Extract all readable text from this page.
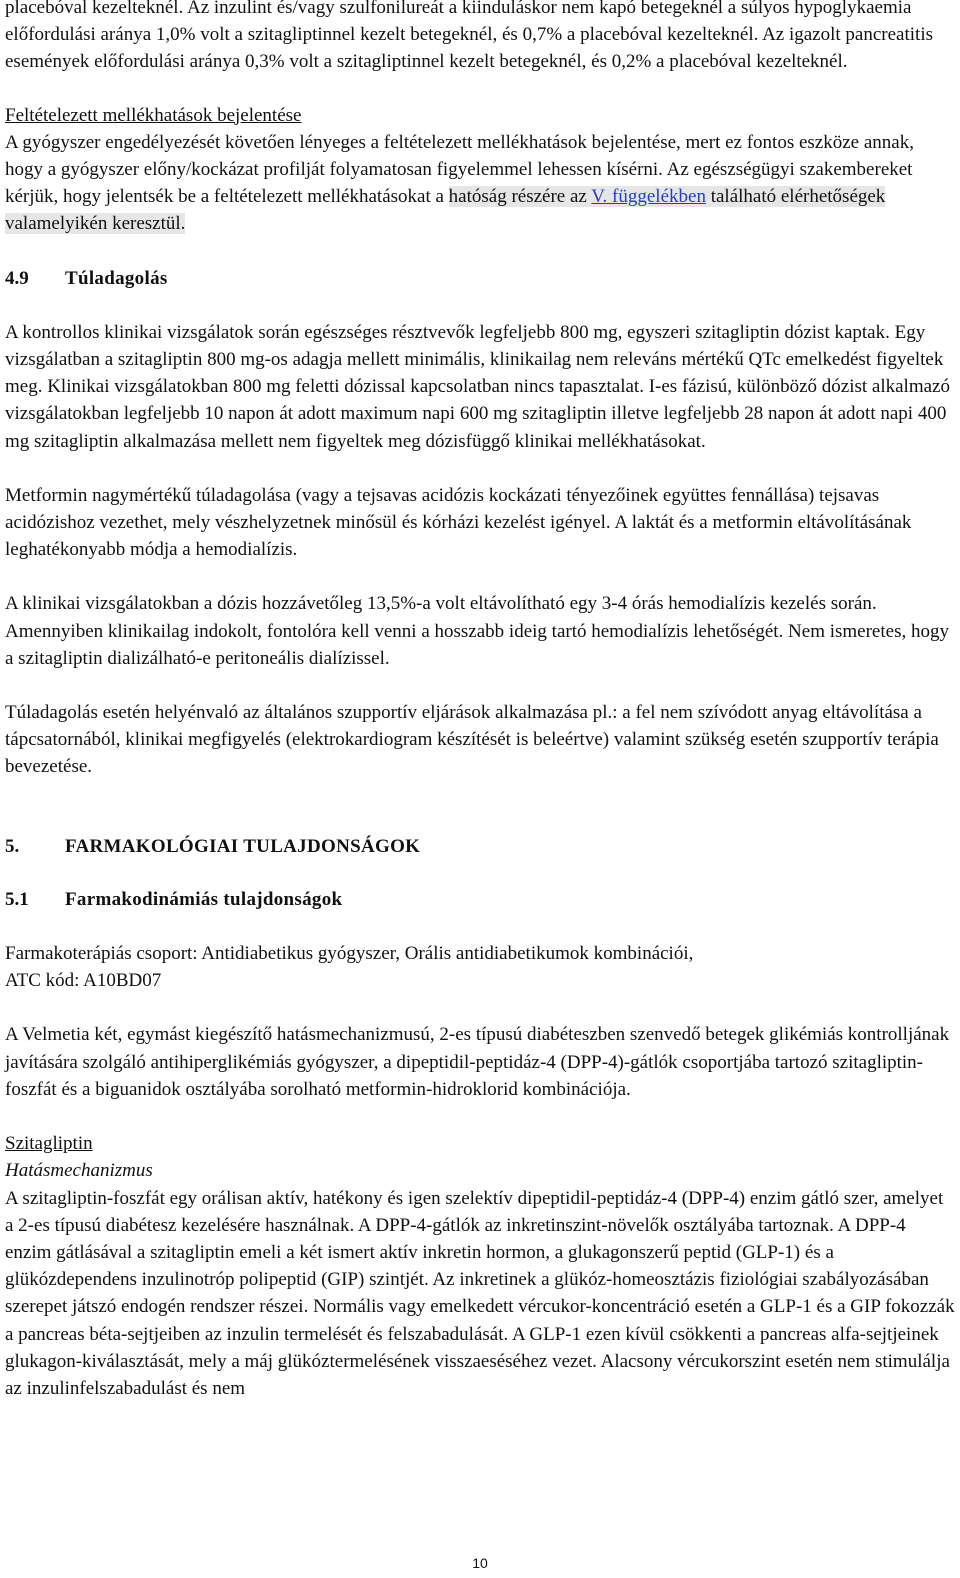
placebóval kezelteknél. Az inzulint és/vagy szulfonilureát a kiinduláskor nem kapó betegeknél a súlyos hypoglykaemia előfordulási aránya 1,0% volt a szitagliptinnel kezelt betegeknél, és 0,7% a placebóval kezelteknél. Az igazolt pancreatitis események előfordulási aránya 0,3% volt a szitagliptinnel kezelt betegeknél, és 0,2% a placebóval kezelteknél.

Feltételezett mellékhatások bejelentése

A gyógyszer engedélyezését követően lényeges a feltételezett mellékhatások bejelentése, mert ez fontos eszköze annak, hogy a gyógyszer előny/kockázat profilját folyamatosan figyelemmel lehessen kísérni. Az egészségügyi szakembereket kérjük, hogy jelentsék be a feltételezett mellékhatásokat a hatóság részére az V. függelékben található elérhetőségek valamelyikén keresztül.

4.9	Túladagolás

A kontrollos klinikai vizsgálatok során egészséges résztvevők legfeljebb 800 mg, egyszeri szitagliptin dózist kaptak. Egy vizsgálatban a szitagliptin 800 mg-os adagja mellett minimális, klinikailag nem releváns mértékű QTc emelkedést figyeltek meg. Klinikai vizsgálatokban 800 mg feletti dózissal kapcsolatban nincs tapasztalat. I-es fázisú, különböző dózist alkalmazó vizsgálatokban legfeljebb 10 napon át adott maximum napi 600 mg szitagliptin illetve legfeljebb 28 napon át adott napi 400 mg szitagliptin alkalmazása mellett nem figyeltek meg dózisfüggő klinikai mellékhatásokat.

Metformin nagymértékű túladagolása (vagy a tejsavas acidózis kockázati tényezőinek együttes fennállása) tejsavas acidózishoz vezethet, mely vészhelyzetnek minősül és kórházi kezelést igényel. A laktát és a metformin eltávolításának leghatékonyabb módja a hemodialízis.

A klinikai vizsgálatokban a dózis hozzávetőleg 13,5%-a volt eltávolítható egy 3-4 órás hemodialízis kezelés során. Amennyiben klinikailag indokolt, fontolóra kell venni a hosszabb ideig tartó hemodialízis lehetőségét. Nem ismeretes, hogy a szitagliptin dializálható-e peritoneális dialízissel.

Túladagolás esetén helyénvaló az általános szupportív eljárások alkalmazása pl.: a fel nem szívódott anyag eltávolítása a tápcsatornából, klinikai megfigyelés (elektrokardiogram készítését is beleértve) valamint szükség esetén szupportív terápia bevezetése.

5.	FARMAKOLÓGIAI TULAJDONSÁGOK

5.1	Farmakodinámiás tulajdonságok

Farmakoterápiás csoport: Antidiabetikus gyógyszer, Orális antidiabetikumok kombinációi,

ATC kód: A10BD07

A Velmetia két, egymást kiegészítő hatásmechanizmusú, 2-es típusú diabéteszben szenvedő betegek glikémiás kontrolljának javítására szolgáló antihiperglikémiás gyógyszer, a dipeptidil-peptidáz-4 (DPP-4)-gátlók csoportjába tartozó szitagliptin-foszfát és a biguanidok osztályába sorolható metformin-hidroklorid kombinációja.

Szitagliptin

Hatásmechanizmus

A szitagliptin-foszfát egy orálisan aktív, hatékony és igen szelektív dipeptidil-peptidáz-4 (DPP-4) enzim gátló szer, amelyet a 2-es típusú diabétesz kezelésére használnak. A DPP-4-gátlók az inkretinszint-növelők osztályába tartoznak. A DPP-4 enzim gátlásával a szitagliptin emeli a két ismert aktív inkretin hormon, a glukagonszerű peptid (GLP-1) és a glükózdependens inzulinotróp polipeptid (GIP) szintjét. Az inkretinek a glükóz-homeosztázis fiziológiai szabályozásában szerepet játszó endogén rendszer részei. Normális vagy emelkedett vércukor-koncentráció esetén a GLP-1 és a GIP fokozzák a pancreas béta-sejtjeiben az inzulin termelését és felszabadulását. A GLP-1 ezen kívül csökkenti a pancreas alfa-sejtjeinek glukagon-kiválasztását, mely a máj glükóztermelésének visszaeséséhez vezet. Alacsony vércukorszint esetén nem stimulálja az inzulinfelszabadulást és nem

10
